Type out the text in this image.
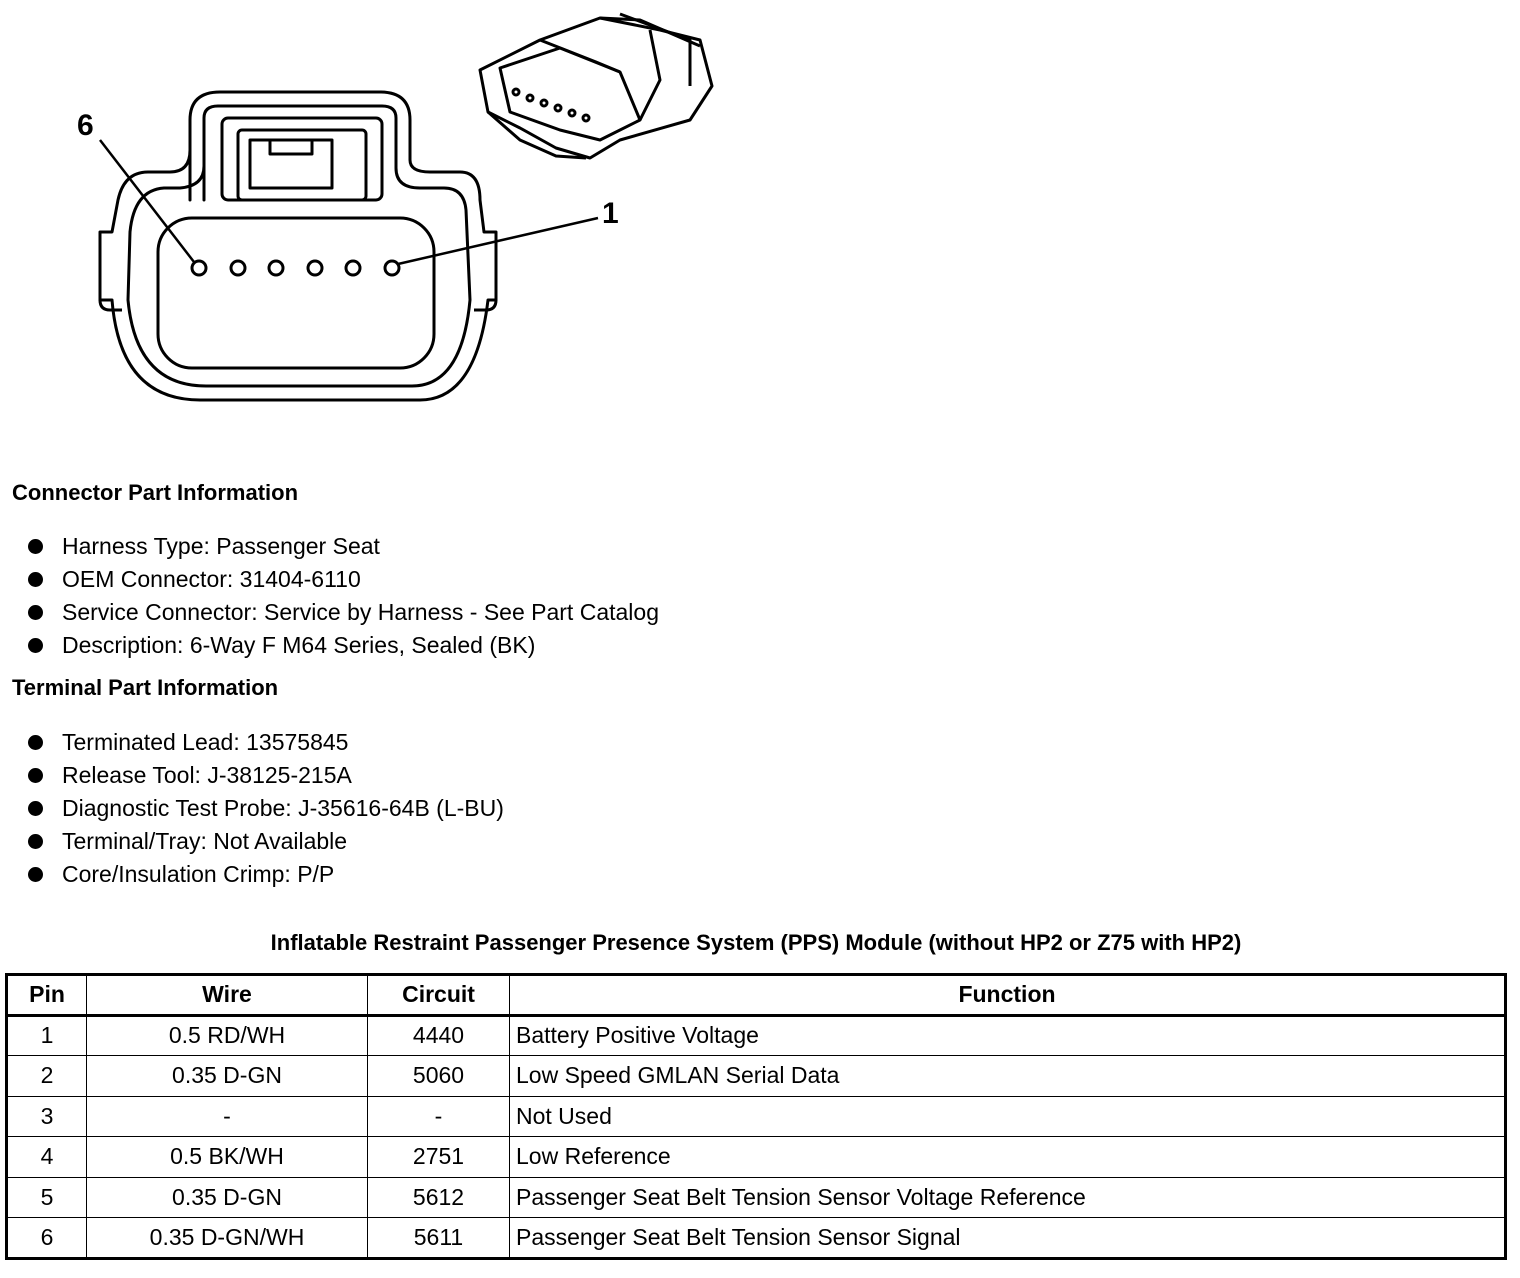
6
1
Connector Part Information
Harness Type: Passenger Seat
OEM Connector: 31404-6110
Service Connector: Service by Harness - See Part Catalog
Description: 6-Way F M64 Series, Sealed (BK)
Terminal Part Information
Terminated Lead: 13575845
Release Tool: J-38125-215A
Diagnostic Test Probe: J-35616-64B (L-BU)
Terminal/Tray: Not Available
Core/Insulation Crimp: P/P
Inflatable Restraint Passenger Presence System (PPS) Module (without HP2 or Z75 with HP2)
Pin	Wire	Circuit	Function
1	0.5 RD/WH	4440	Battery Positive Voltage
2	0.35 D-GN	5060	Low Speed GMLAN Serial Data
3	-	-	Not Used
4	0.5 BK/WH	2751	Low Reference
5	0.35 D-GN	5612	Passenger Seat Belt Tension Sensor Voltage Reference
6	0.35 D-GN/WH	5611	Passenger Seat Belt Tension Sensor Signal
